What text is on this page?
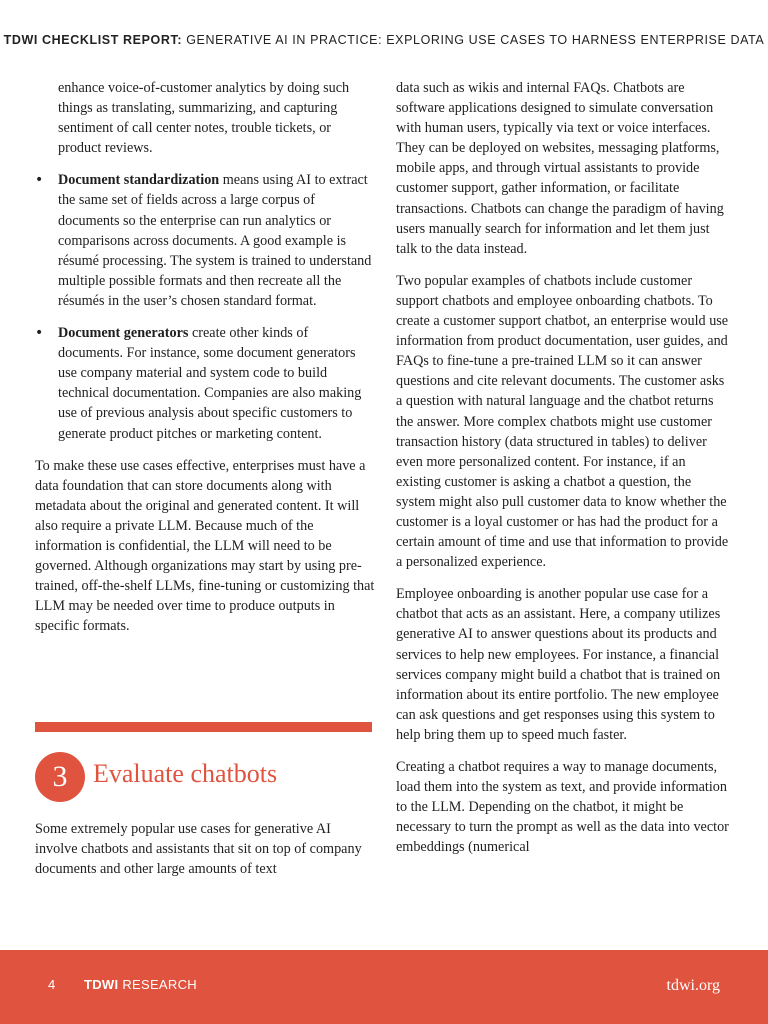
TDWI CHECKLIST REPORT: GENERATIVE AI IN PRACTICE: EXPLORING USE CASES TO HARNESS ENTERPRISE DATA

enhance voice-of-customer analytics by doing such things as translating, summarizing, and capturing sentiment of call center notes, trouble tickets, or product reviews.

• Document standardization means using AI to extract the same set of fields across a large corpus of documents so the enterprise can run analytics or comparisons across documents. A good example is résumé processing. The system is trained to understand multiple possible formats and then recreate all the résumés in the user’s chosen standard format.
• Document generators create other kinds of documents. For instance, some document generators use company material and system code to build technical documentation. Companies are also making use of previous analysis about specific customers to generate product pitches or marketing content.

To make these use cases effective, enterprises must have a data foundation that can store documents along with metadata about the original and generated content. It will also require a private LLM. Because much of the information is confidential, the LLM will need to be governed. Although organizations may start by using pre-trained, off-the-shelf LLMs, fine-tuning or customizing that LLM may be needed over time to produce outputs in specific formats.

3 Evaluate chatbots
Some extremely popular use cases for generative AI involve chatbots and assistants that sit on top of company documents and other large amounts of text

data such as wikis and internal FAQs. Chatbots are software applications designed to simulate conversation with human users, typically via text or voice interfaces. They can be deployed on websites, messaging platforms, mobile apps, and through virtual assistants to provide customer support, gather information, or facilitate transactions. Chatbots can change the paradigm of having users manually search for information and let them just talk to the data instead.

Two popular examples of chatbots include customer support chatbots and employee onboarding chatbots. To create a customer support chatbot, an enterprise would use information from product documentation, user guides, and FAQs to fine-tune a pre-trained LLM so it can answer questions and cite relevant documents. The customer asks a question with natural language and the chatbot returns the answer. More complex chatbots might use customer transaction history (data structured in tables) to deliver even more personalized content. For instance, if an existing customer is asking a chatbot a question, the system might also pull customer data to know whether the customer is a loyal customer or has had the product for a certain amount of time and use that information to provide a personalized experience.

Employee onboarding is another popular use case for a chatbot that acts as an assistant. Here, a company utilizes generative AI to answer questions about its products and services to help new employees. For instance, a financial services company might build a chatbot that is trained on information about its entire portfolio. The new employee can ask questions and get responses using this system to help bring them up to speed much faster.

Creating a chatbot requires a way to manage documents, load them into the system as text, and provide information to the LLM. Depending on the chatbot, it might be necessary to turn the prompt as well as the data into vector embeddings (numerical

4 TDWI RESEARCH	tdwi.org
